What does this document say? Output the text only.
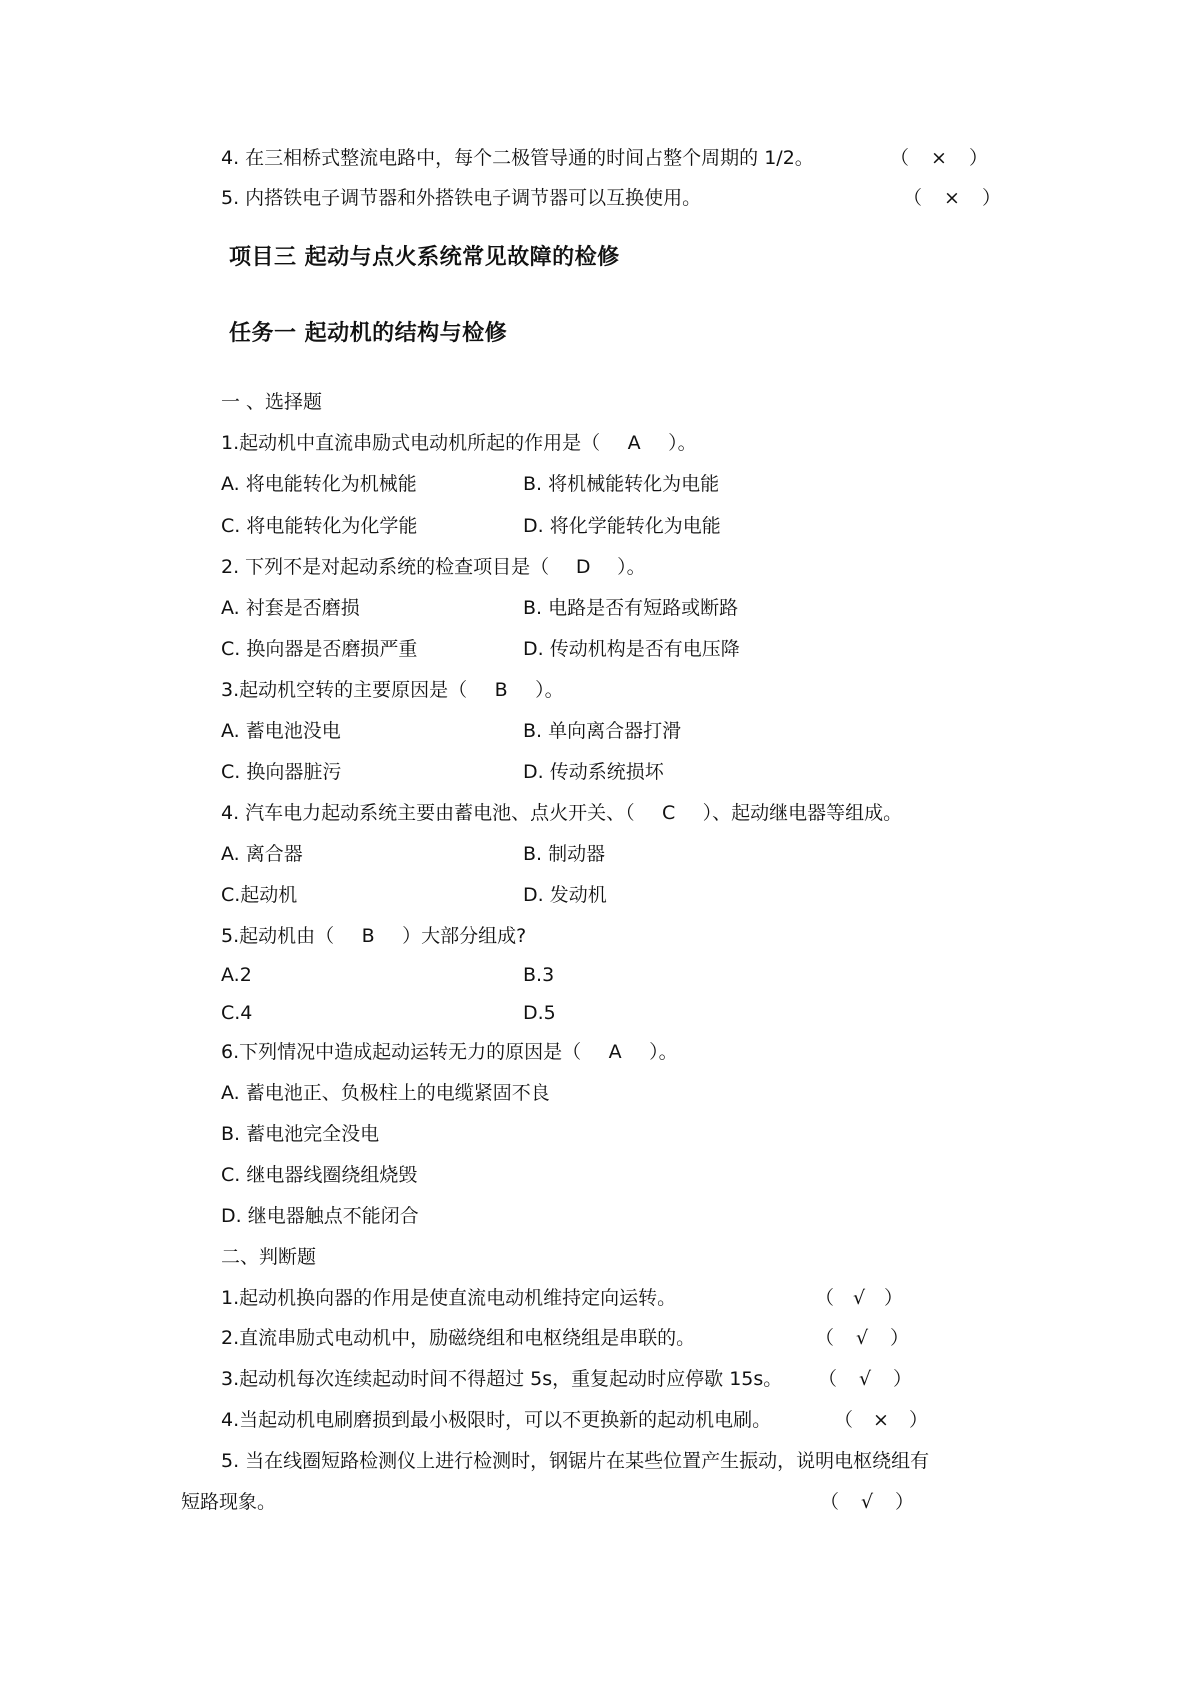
4. 在三相桥式整流电路中，每个二极管导通的时间占整个周期的 1/2。	（ × ）
5. 内搭铁电子调节器和外搭铁电子调节器可以互换使用。	（ × ）
项目三 起动与点火系统常见故障的检修
任务一 起动机的结构与检修
一 、选择题
1.起动机中直流串励式电动机所起的作用是（ A ）。
A. 将电能转化为机械能	B. 将机械能转化为电能
C. 将电能转化为化学能	D. 将化学能转化为电能
2. 下列不是对起动系统的检查项目是（ D ）。
A. 衬套是否磨损	B. 电路是否有短路或断路
C. 换向器是否磨损严重	D. 传动机构是否有电压降
3.起动机空转的主要原因是（ B ）。
A. 蓄电池没电	B. 单向离合器打滑
C. 换向器脏污	D. 传动系统损坏
4. 汽车电力起动系统主要由蓄电池、点火开关、（ C ）、起动继电器等组成。
A. 离合器	B. 制动器
C.起动机	D. 发动机
5.起动机由（ B ）大部分组成?
A.2	B.3
C.4	D.5
6.下列情况中造成起动运转无力的原因是（ A ）。
A. 蓄电池正、负极柱上的电缆紧固不良
B. 蓄电池完全没电
C. 继电器线圈绕组烧毁
D. 继电器触点不能闭合
二、判断题
1.起动机换向器的作用是使直流电动机维持定向运转。	（ √ ）
2.直流串励式电动机中，励磁绕组和电枢绕组是串联的。	（ √ ）
3.起动机每次连续起动时间不得超过 5s，重复起动时应停歇 15s。 （ √ ）
4.当起动机电刷磨损到最小极限时，可以不更换新的起动机电刷。	（ × ）
5. 当在线圈短路检测仪上进行检测时，钢锯片在某些位置产生振动，说明电枢绕组有
短路现象。	（ √ ）
